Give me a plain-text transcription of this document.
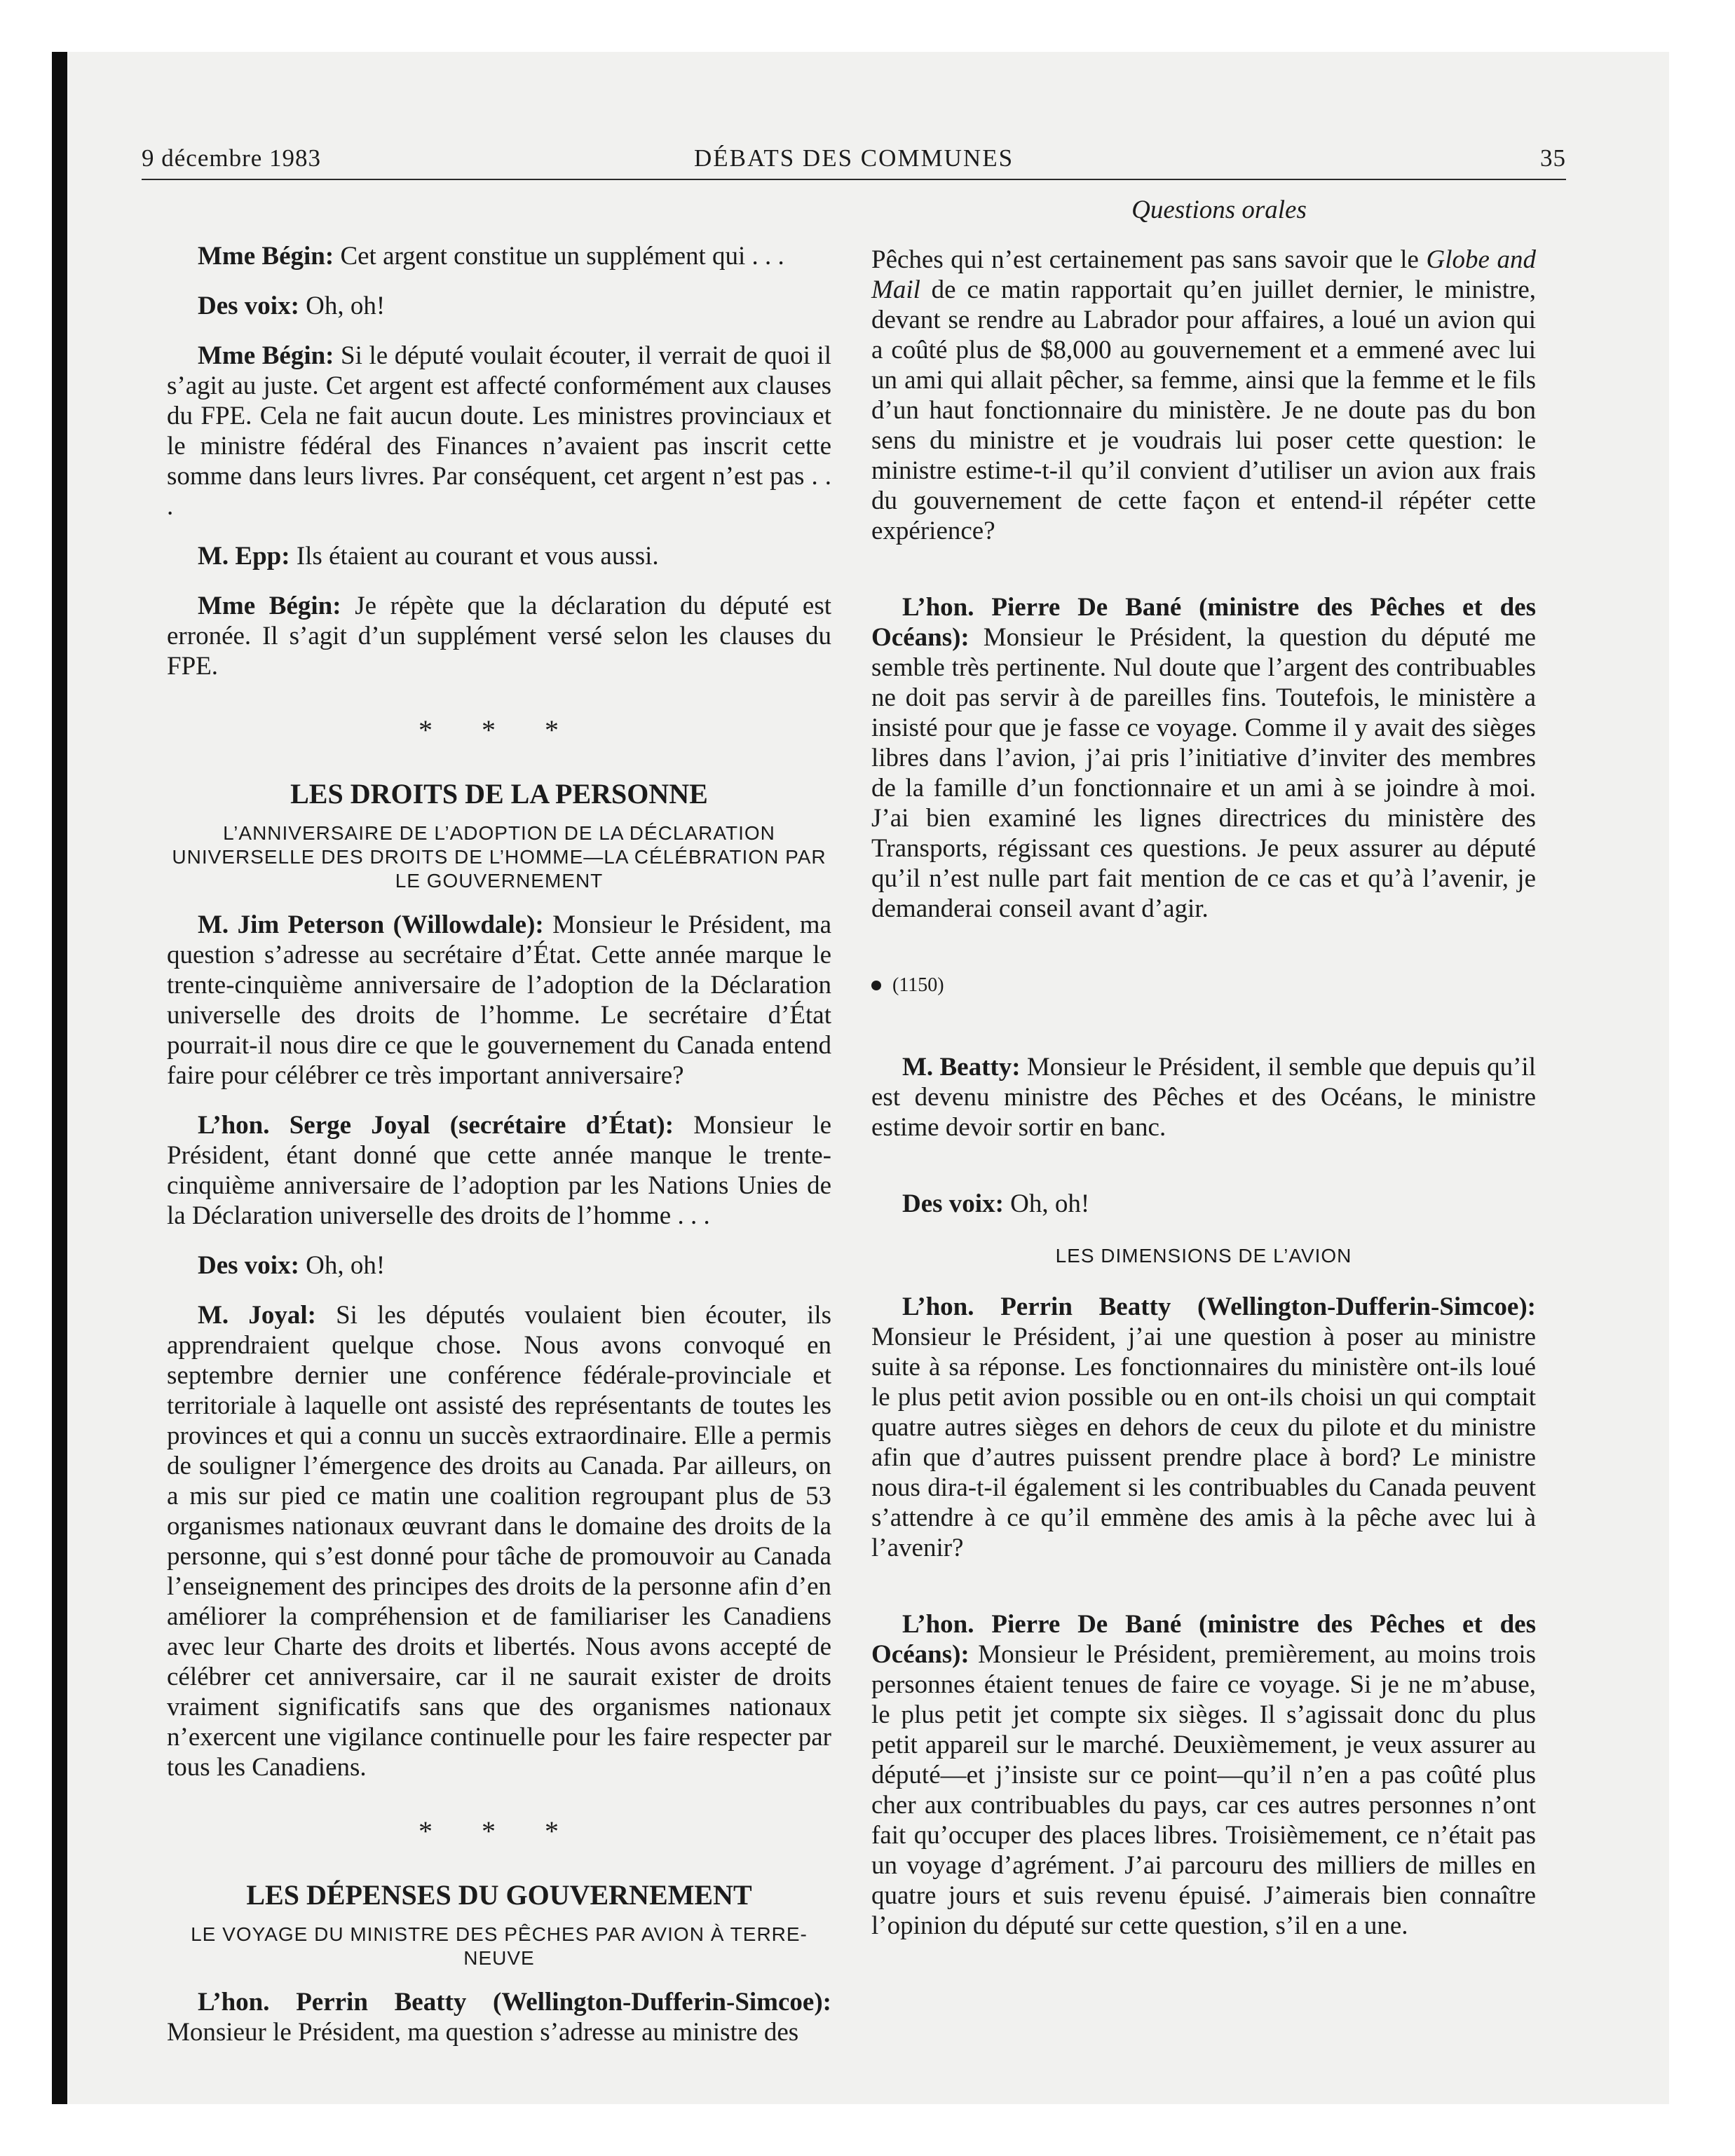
9 décembre 1983	DÉBATS DES COMMUNES	35

Mme Bégin: Cet argent constitue un supplément qui . . .

Des voix: Oh, oh!

Mme Bégin: Si le député voulait écouter, il verrait de quoi il s’agit au juste. Cet argent est affecté conformément aux clauses du FPE. Cela ne fait aucun doute. Les ministres provinciaux et le ministre fédéral des Finances n’avaient pas inscrit cette somme dans leurs livres. Par conséquent, cet argent n’est pas . . .

M. Epp: Ils étaient au courant et vous aussi.

Mme Bégin: Je répète que la déclaration du député est erronée. Il s’agit d’un supplément versé selon les clauses du FPE.

* * *
LES DROITS DE LA PERSONNE
L’ANNIVERSAIRE DE L’ADOPTION DE LA DÉCLARATION UNIVERSELLE DES DROITS DE L’HOMME—LA CÉLÉBRATION PAR LE GOUVERNEMENT

M. Jim Peterson (Willowdale): Monsieur le Président, ma question s’adresse au secrétaire d’État. Cette année marque le trente-cinquième anniversaire de l’adoption de la Déclaration universelle des droits de l’homme. Le secrétaire d’État pourrait-il nous dire ce que le gouvernement du Canada entend faire pour célébrer ce très important anniversaire?

L’hon. Serge Joyal (secrétaire d’État): Monsieur le Président, étant donné que cette année manque le trente-cinquième anniversaire de l’adoption par les Nations Unies de la Déclaration universelle des droits de l’homme . . .

Des voix: Oh, oh!

M. Joyal: Si les députés voulaient bien écouter, ils apprendraient quelque chose. Nous avons convoqué en septembre dernier une conférence fédérale-provinciale et territoriale à laquelle ont assisté des représentants de toutes les provinces et qui a connu un succès extraordinaire. Elle a permis de souligner l’émergence des droits au Canada. Par ailleurs, on a mis sur pied ce matin une coalition regroupant plus de 53 organismes nationaux œuvrant dans le domaine des droits de la personne, qui s’est donné pour tâche de promouvoir au Canada l’enseignement des principes des droits de la personne afin d’en améliorer la compréhension et de familiariser les Canadiens avec leur Charte des droits et libertés. Nous avons accepté de célébrer cet anniversaire, car il ne saurait exister de droits vraiment significatifs sans que des organismes nationaux n’exercent une vigilance continuelle pour les faire respecter par tous les Canadiens.

* * *
LES DÉPENSES DU GOUVERNEMENT
LE VOYAGE DU MINISTRE DES PÊCHES PAR AVION À TERRE-NEUVE

L’hon. Perrin Beatty (Wellington-Dufferin-Simcoe): Monsieur le Président, ma question s’adresse au ministre des

Questions orales

Pêches qui n’est certainement pas sans savoir que le Globe and Mail de ce matin rapportait qu’en juillet dernier, le ministre, devant se rendre au Labrador pour affaires, a loué un avion qui a coûté plus de $8,000 au gouvernement et a emmené avec lui un ami qui allait pêcher, sa femme, ainsi que la femme et le fils d’un haut fonctionnaire du ministère. Je ne doute pas du bon sens du ministre et je voudrais lui poser cette question: le ministre estime-t-il qu’il convient d’utiliser un avion aux frais du gouvernement de cette façon et entend-il répéter cette expérience?

L’hon. Pierre De Bané (ministre des Pêches et des Océans): Monsieur le Président, la question du député me semble très pertinente. Nul doute que l’argent des contribuables ne doit pas servir à de pareilles fins. Toutefois, le ministère a insisté pour que je fasse ce voyage. Comme il y avait des sièges libres dans l’avion, j’ai pris l’initiative d’inviter des membres de la famille d’un fonctionnaire et un ami à se joindre à moi. J’ai bien examiné les lignes directrices du ministère des Transports, régissant ces questions. Je peux assurer au député qu’il n’est nulle part fait mention de ce cas et qu’à l’avenir, je demanderai conseil avant d’agir.

(1150)

M. Beatty: Monsieur le Président, il semble que depuis qu’il est devenu ministre des Pêches et des Océans, le ministre estime devoir sortir en banc.

Des voix: Oh, oh!

LES DIMENSIONS DE L’AVION

L’hon. Perrin Beatty (Wellington-Dufferin-Simcoe): Monsieur le Président, j’ai une question à poser au ministre suite à sa réponse. Les fonctionnaires du ministère ont-ils loué le plus petit avion possible ou en ont-ils choisi un qui comptait quatre autres sièges en dehors de ceux du pilote et du ministre afin que d’autres puissent prendre place à bord? Le ministre nous dira-t-il également si les contribuables du Canada peuvent s’attendre à ce qu’il emmène des amis à la pêche avec lui à l’avenir?

L’hon. Pierre De Bané (ministre des Pêches et des Océans): Monsieur le Président, premièrement, au moins trois personnes étaient tenues de faire ce voyage. Si je ne m’abuse, le plus petit jet compte six sièges. Il s’agissait donc du plus petit appareil sur le marché. Deuxièmement, je veux assurer au député—et j’insiste sur ce point—qu’il n’en a pas coûté plus cher aux contribuables du pays, car ces autres personnes n’ont fait qu’occuper des places libres. Troisièmement, ce n’était pas un voyage d’agrément. J’ai parcouru des milliers de milles en quatre jours et suis revenu épuisé. J’aimerais bien connaître l’opinion du député sur cette question, s’il en a une.
